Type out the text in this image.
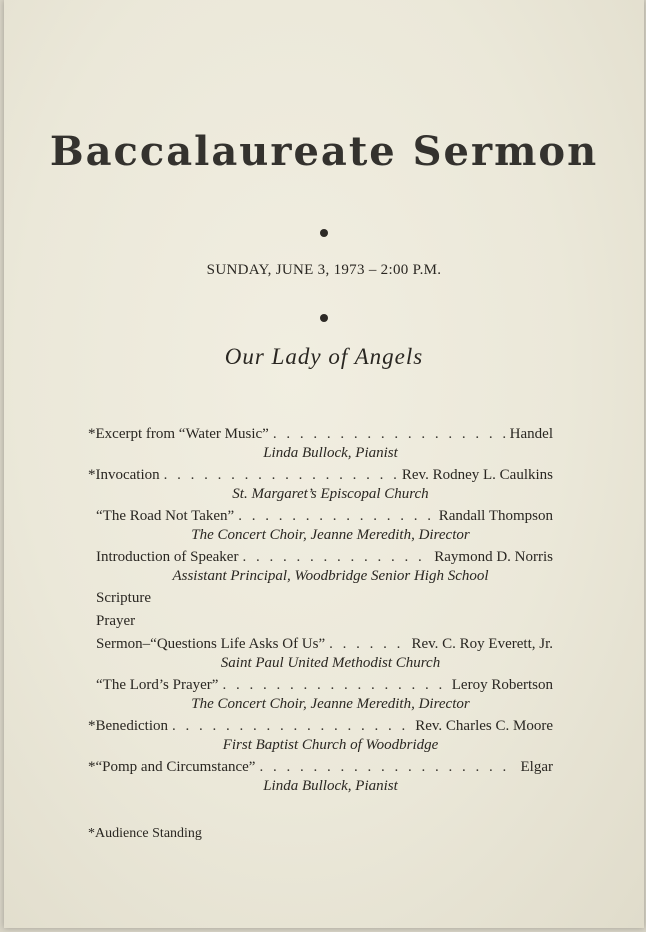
Baccalaureate Sermon
SUNDAY, JUNE 3, 1973 – 2:00 P.M.
Our Lady of Angels
*Excerpt from “Water Music” . . .	Handel
Linda Bullock, Pianist
*Invocation . . .	Rev. Rodney L. Caulkins
St. Margaret’s Episcopal Church
“The Road Not Taken” . . .	Randall Thompson
The Concert Choir, Jeanne Meredith, Director
Introduction of Speaker . . .	Raymond D. Norris
Assistant Principal, Woodbridge Senior High School
Scripture
Prayer
Sermon–“Questions Life Asks Of Us” . . .	Rev. C. Roy Everett, Jr.
Saint Paul United Methodist Church
“The Lord’s Prayer” . . .	Leroy Robertson
The Concert Choir, Jeanne Meredith, Director
*Benediction . . .	Rev. Charles C. Moore
First Baptist Church of Woodbridge
*“Pomp and Circumstance” . . .	Elgar
Linda Bullock, Pianist
*Audience Standing
